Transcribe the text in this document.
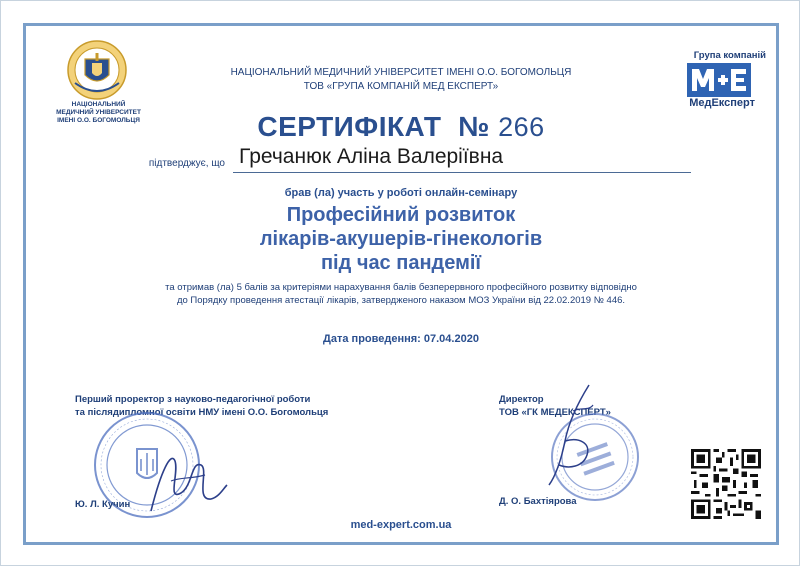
НАЦІОНАЛЬНИЙ
МЕДИЧНИЙ УНІВЕРСИТЕТ
ІМЕНІ О.О. БОГОМОЛЬЦЯ
НАЦІОНАЛЬНИЙ МЕДИЧНИЙ УНІВЕРСИТЕТ ІМЕНІ О.О. БОГОМОЛЬЦЯ
ТОВ «ГРУПА КОМПАНІЙ МЕД ЕКСПЕРТ»
Група компаній
МедЕксперт
СЕРТИФІКАТ № 266
підтверджує, що Гречанюк Аліна Валеріївна
брав (ла) участь у роботі онлайн-семінару
Професійний розвиток
лікарів-акушерів-гінекологів
під час пандемії
та отримав (ла) 5 балів за критеріями нарахування балів безперервного професійного розвитку відповідно
до Порядку проведення атестації лікарів, затвердженого наказом МОЗ України від 22.02.2019 № 446.
Дата проведення: 07.04.2020
Перший проректор з науково-педагогічної роботи
та післядипломної освіти НМУ імені О.О. Богомольця
Директор
ТОВ «ГК МЕДЕКСПЕРТ»
Ю. Л. Кучин	Д. О. Бахтіярова
med-expert.com.ua
